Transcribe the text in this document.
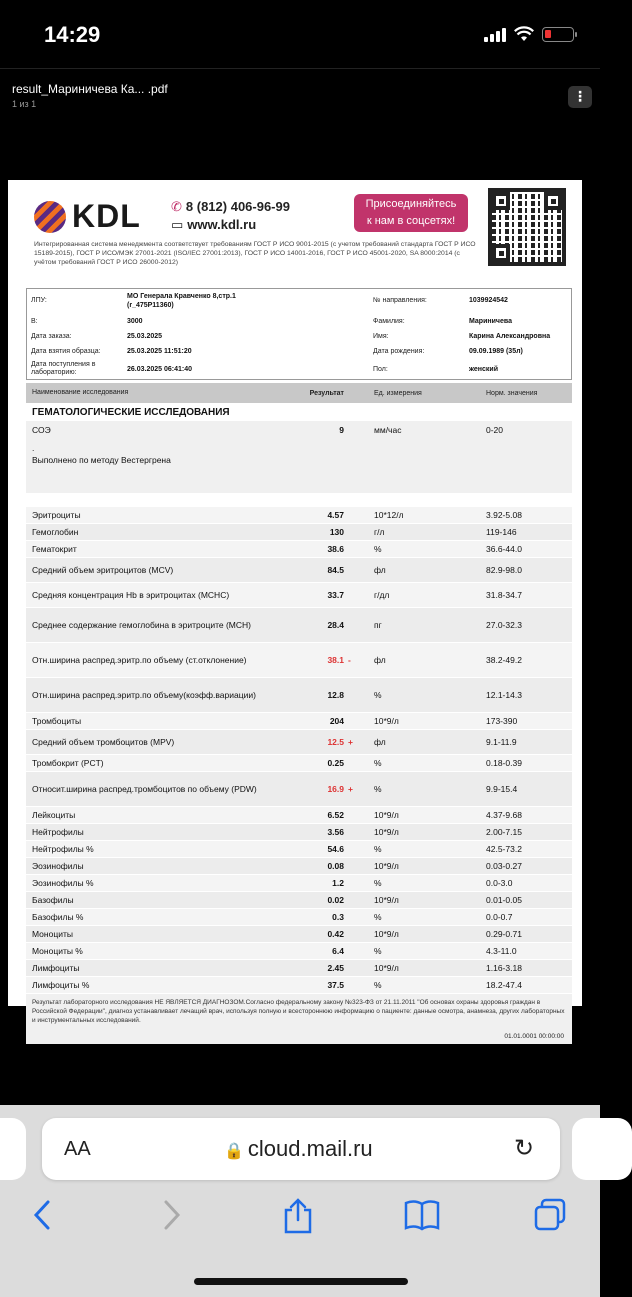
14:29
result_Мариничева Ка... .pdf
1 из 1	⋮
KDL ✆ 8 (812) 406-96-99
▭ www.kdl.ru
Присоединяйтесь
к нам в соцсетях!
Интегрированная система менеджмента соответствует требованиям ГОСТ Р ИСО 9001-2015 (с учетом требований стандарта ГОСТ Р ИСО 15189-2015), ГОСТ Р ИСО/МЭК 27001-2021 (ISO/IEC 27001:2013), ГОСТ Р ИСО 14001-2016, ГОСТ Р ИСО 45001-2020, SA 8000:2014 (с учётом требований ГОСТ Р ИСО 26000-2012)
ЛПУ:
МО Генерала Кравченко 8,стр.1 (r_475P11360)
В:	3000
Дата заказа:	25.03.2025
Дата взятия образца:	25.03.2025 11:51:20
Дата поступления в лабораторию:	26.03.2025 06:41:40
№ направления:	1039924542
Фамилия:	Мариничева
Имя:	Карина Александровна
Дата рождения:	09.09.1989 (35л)
Пол:	женский
Наименование исследования	Результат	Ед. измерения	Норм. значения
ГЕМАТОЛОГИЧЕСКИЕ ИССЛЕДОВАНИЯ
СОЭ	9	мм/час	0-20
.
Выполнено по методу Вестергрена
Эритроциты	4.57	10*12/л	3.92-5.08
Гемоглобин	130	г/л	119-146
Гематокрит	38.6	%	36.6-44.0
Средний объем эритроцитов (MCV)	84.5	фл	82.9-98.0
Средняя концентрация Hb в эритроцитах (MCHC)	33.7	г/дл	31.8-34.7
Среднее содержание гемоглобина в эритроците (MCH)	28.4	пг	27.0-32.3
Отн.ширина распред.эритр.по объему (ст.отклонение)	38.1 -	фл	38.2-49.2
Отн.ширина распред.эритр.по объему(коэфф.вариации)	12.8	%	12.1-14.3
Тромбоциты	204	10*9/л	173-390
Средний объем тромбоцитов (MPV)	12.5 +	фл	9.1-11.9
Тромбокрит (PCT)	0.25	%	0.18-0.39
Относит.ширина распред.тромбоцитов по объему (PDW)	16.9 +	%	9.9-15.4
Лейкоциты	6.52	10*9/л	4.37-9.68
Нейтрофилы	3.56	10*9/л	2.00-7.15
Нейтрофилы %	54.6	%	42.5-73.2
Эозинофилы	0.08	10*9/л	0.03-0.27
Эозинофилы %	1.2	%	0.0-3.0
Базофилы	0.02	10*9/л	0.01-0.05
Базофилы %	0.3	%	0.0-0.7
Моноциты	0.42	10*9/л	0.29-0.71
Моноциты %	6.4	%	4.3-11.0
Лимфоциты	2.45	10*9/л	1.16-3.18
Лимфоциты %	37.5	%	18.2-47.4
Результат лабораторного исследования НЕ ЯВЛЯЕТСЯ ДИАГНОЗОМ.Согласно федеральному закону №323-ФЗ от 21.11.2011 "Об основах охраны здоровья граждан в Российской Федерации", диагноз устанавливает лечащий врач, используя полную и всестороннюю информацию о пациенте: данные осмотра, анамнеза, других лабораторных и инструментальных исследований.
01.01.0001 00:00:00
AA	🔒 cloud.mail.ru	↻
